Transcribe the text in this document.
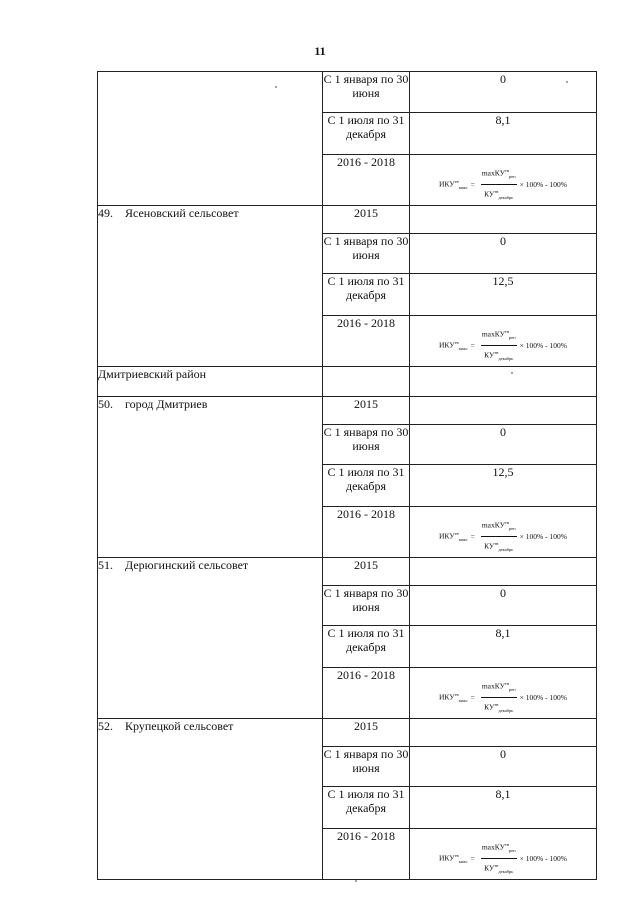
11
	С 1 января по 30 июня	0
	С 1 июля по 31 декабря	8,1
	2016 - 2018	$ИКУ^{тв}_{макс} = \frac{\max КУ^{тв}_{реп}}{КУ^{тв}_{декабрь}} \times 100\% - 100\%$

49. Ясеновский сельсовет	2015	
	С 1 января по 30 июня	0
	С 1 июля по 31 декабря	12,5
	2016 - 2018	$ИКУ^{тв}_{макс} = \frac{\max КУ^{тв}_{реп}}{КУ^{тв}_{декабрь}} \times 100\% - 100\%$

Дмитриевский район		
50. город Дмитриев	2015	
	С 1 января по 30 июня	0
	С 1 июля по 31 декабря	12,5
	2016 - 2018	$ИКУ^{тв}_{макс} = \frac{\max КУ^{тв}_{реп}}{КУ^{тв}_{декабрь}} \times 100\% - 100\%$

51. Дерюгинский сельсовет	2015	
	С 1 января по 30 июня	0
	С 1 июля по 31 декабря	8,1
	2016 - 2018	$ИКУ^{тв}_{макс} = \frac{\max КУ^{тв}_{реп}}{КУ^{тв}_{декабрь}} \times 100\% - 100\%$

52. Крупецкой сельсовет	2015	
	С 1 января по 30 июня	0
	С 1 июля по 31 декабря	8,1
	2016 - 2018	$ИКУ^{тв}_{макс} = \frac{\max КУ^{тв}_{реп}}{КУ^{тв}_{декабрь}} \times 100\% - 100\%$
